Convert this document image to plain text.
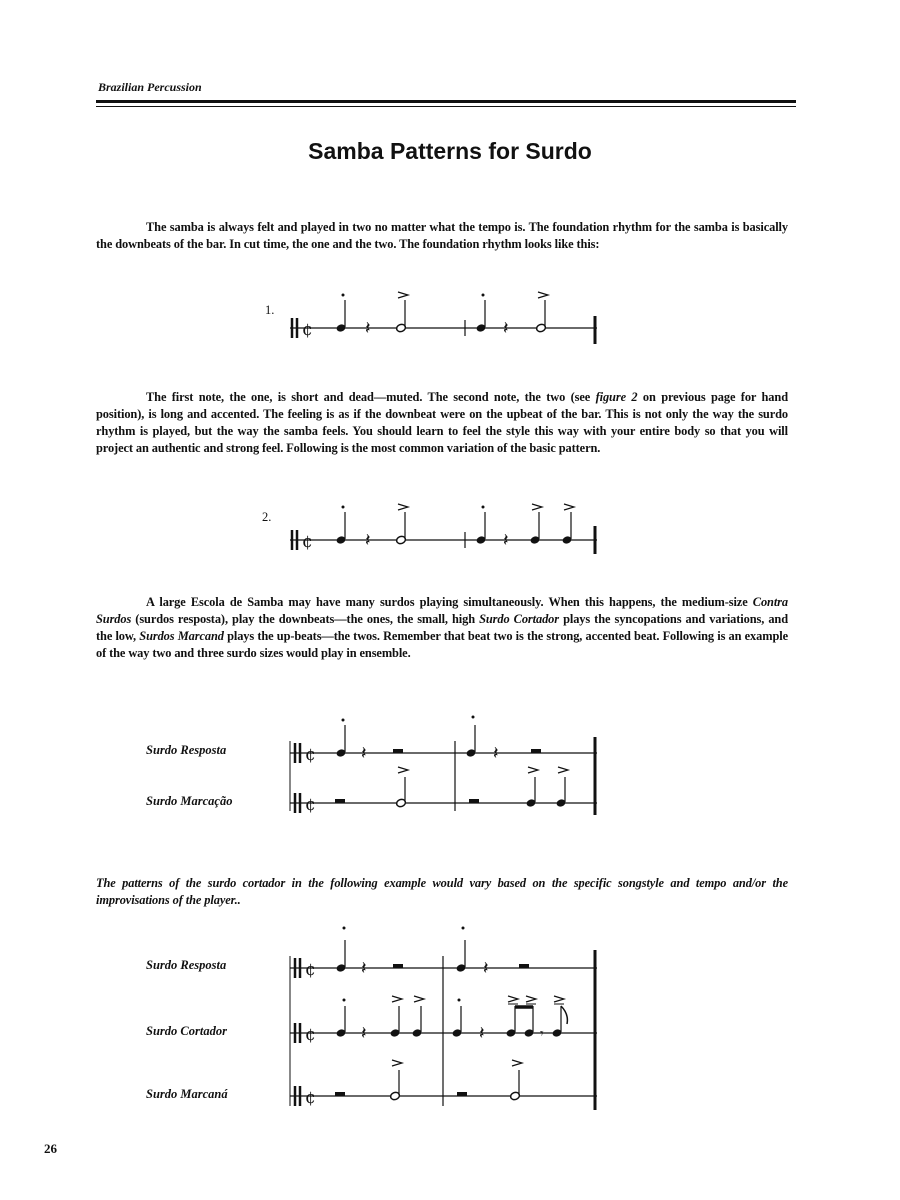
Brazilian Percussion
Samba Patterns for Surdo

The samba is always felt and played in two no matter what the tempo is. The foundation rhythm for the samba is basically the downbeats of the bar. In cut time, the one and the two. The foundation rhythm looks like this:

1.
¢	𝄽	𝄽

The first note, the one, is short and dead—muted. The second note, the two (see figure 2 on previous page for hand position), is long and accented. The feeling is as if the downbeat were on the upbeat of the bar. This is not only the way the surdo rhythm is played, but the way the samba feels. You should learn to feel the style this way with your entire body so that you will project an authentic and strong feel. Following is the most common variation of the basic pattern.

2.
¢	𝄽	𝄽

A large Escola de Samba may have many surdos playing simultaneously. When this happens, the medium-size Contra Surdos (surdos resposta), play the downbeats—the ones, the small, high Surdo Cortador plays the syncopations and variations, and the low, Surdos Marcand plays the up-beats—the twos. Remember that beat two is the strong, accented beat. Following is an example of the way two and three surdo sizes would play in ensemble.

Surdo Resposta
Surdo Marcação
¢	𝄽	𝄽
¢

The patterns of the surdo cortador in the following example would vary based on the specific songstyle and tempo and/or the improvisations of the player..

Surdo Resposta
Surdo Cortador
Surdo Marcaná
¢	𝄽	𝄽
¢	𝄽	𝄽	𝄾
¢
26
